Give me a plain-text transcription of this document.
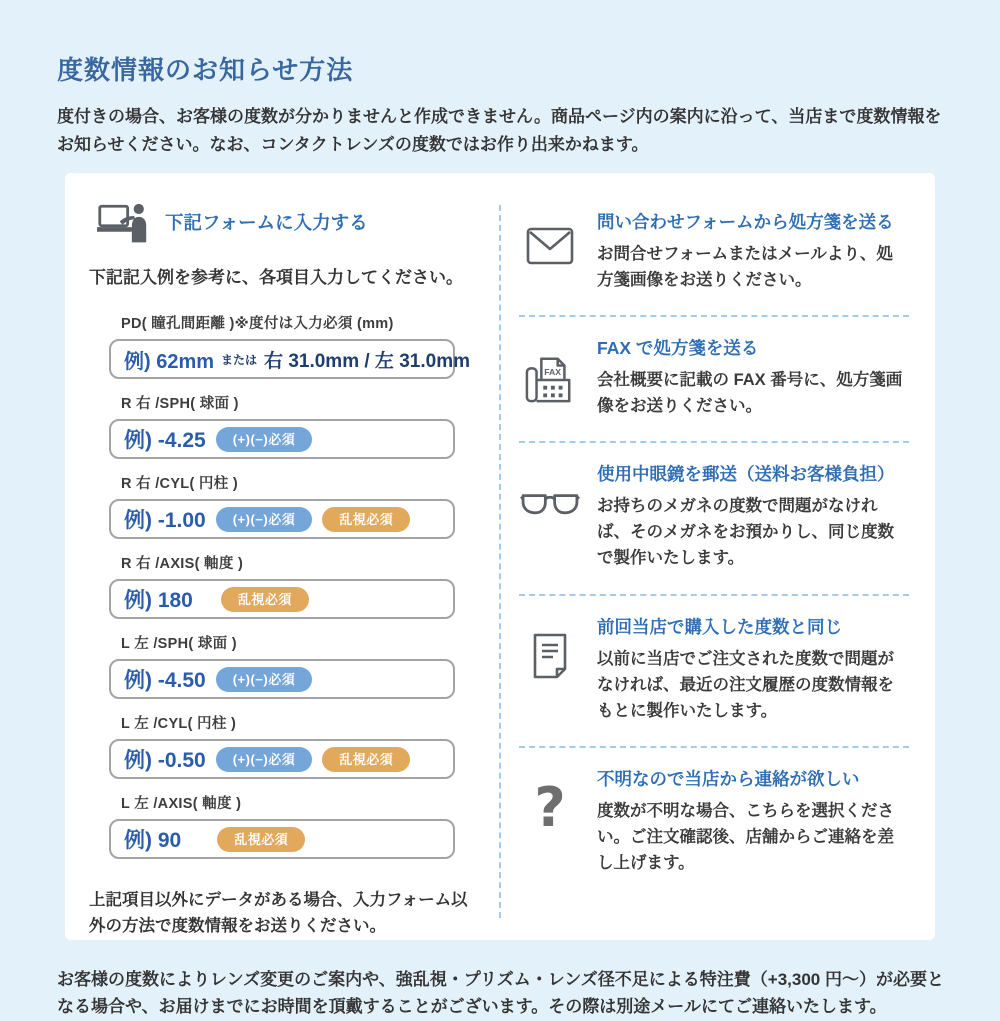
度数情報のお知らせ方法

度付きの場合、お客様の度数が分かりませんと作成できません。商品ページ内の案内に沿って、当店まで度数情報をお知らせください。なお、コンタクトレンズの度数ではお作り出来かねます。

下記フォームに入力する

下記記入例を参考に、各項目入力してください。

PD( 瞳孔間距離 )※度付は入力必須 (mm)
例) 62mm または 右 31.0mm / 左 31.0mm
R 右 /SPH( 球面 )
例) -4.25	(+)(−)必須
R 右 /CYL( 円柱 )
例) -1.00	(+)(−)必須	乱視必須
R 右 /AXIS( 軸度 )
例) 180	乱視必須
L 左 /SPH( 球面 )
例) -4.50	(+)(−)必須
L 左 /CYL( 円柱 )
例) -0.50	(+)(−)必須	乱視必須
L 左 /AXIS( 軸度 )
例) 90	乱視必須

上記項目以外にデータがある場合、入力フォーム以外の方法で度数情報をお送りください。

問い合わせフォームから処方箋を送る

お問合せフォームまたはメールより、処方箋画像をお送りください。

FAX
FAX で処方箋を送る

会社概要に記載の FAX 番号に、処方箋画像をお送りください。

使用中眼鏡を郵送（送料お客様負担）

お持ちのメガネの度数で問題がなければ、そのメガネをお預かりし、同じ度数で製作いたします。

前回当店で購入した度数と同じ

以前に当店でご注文された度数で問題がなければ、最近の注文履歴の度数情報をもとに製作いたします。

? 不明なので当店から連絡が欲しい

度数が不明な場合、こちらを選択ください。ご注文確認後、店舗からご連絡を差し上げます。

お客様の度数によりレンズ変更のご案内や、強乱視・プリズム・レンズ径不足による特注費（+3,300 円〜）が必要となる場合や、お届けまでにお時間を頂戴することがございます。その際は別途メールにてご連絡いたします。
